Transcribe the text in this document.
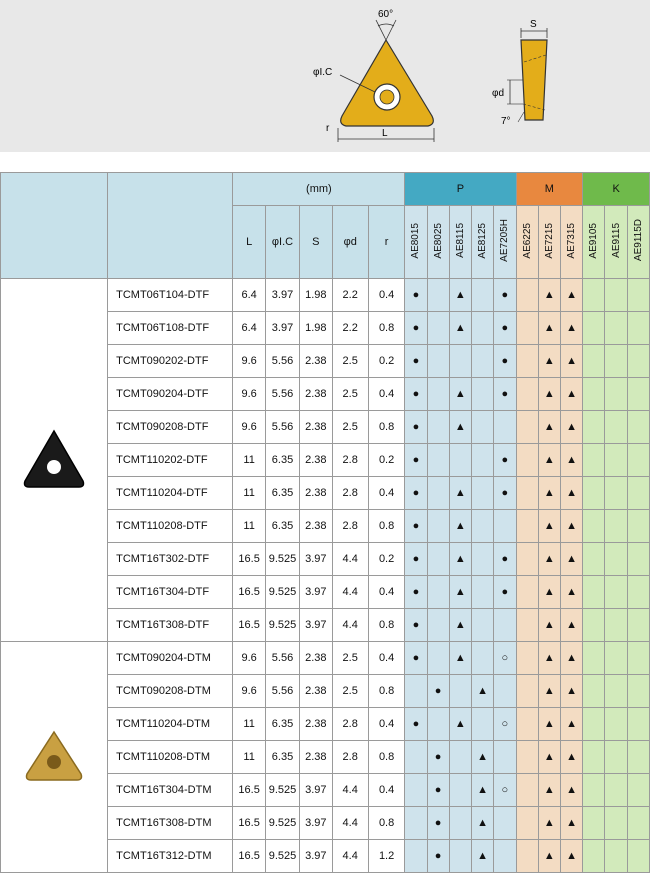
60°
φI.C
L
r
S
φd
7°
		(mm)					P					M			K		
		L	φI.C	S	φd	r	AE8015	AE8025	AE8115	AE8125	AE7205H	AE6225	AE7215	AE7315	AE9105	AE9115	AE9115D

	TCMT06T104-DTF	6.4	3.97	1.98	2.2	0.4	●		▲		●		▲	▲			
	TCMT06T108-DTF	6.4	3.97	1.98	2.2	0.8	●		▲		●		▲	▲			
	TCMT090202-DTF	9.6	5.56	2.38	2.5	0.2	●				●		▲	▲			
	TCMT090204-DTF	9.6	5.56	2.38	2.5	0.4	●		▲		●		▲	▲			
	TCMT090208-DTF	9.6	5.56	2.38	2.5	0.8	●		▲				▲	▲			
	TCMT110202-DTF	11	6.35	2.38	2.8	0.2	●				●		▲	▲			
	TCMT110204-DTF	11	6.35	2.38	2.8	0.4	●		▲		●		▲	▲			
	TCMT110208-DTF	11	6.35	2.38	2.8	0.8	●		▲				▲	▲			
	TCMT16T302-DTF	16.5	9.525	3.97	4.4	0.2	●		▲		●		▲	▲			
	TCMT16T304-DTF	16.5	9.525	3.97	4.4	0.4	●		▲		●		▲	▲			
	TCMT16T308-DTF	16.5	9.525	3.97	4.4	0.8	●		▲				▲	▲			
	TCMT090204-DTM	9.6	5.56	2.38	2.5	0.4	●		▲		○		▲	▲			
	TCMT090208-DTM	9.6	5.56	2.38	2.5	0.8		●		▲			▲	▲			
	TCMT110204-DTM	11	6.35	2.38	2.8	0.4	●		▲		○		▲	▲			
	TCMT110208-DTM	11	6.35	2.38	2.8	0.8		●		▲			▲	▲			
	TCMT16T304-DTM	16.5	9.525	3.97	4.4	0.4		●		▲	○		▲	▲			
	TCMT16T308-DTM	16.5	9.525	3.97	4.4	0.8		●		▲			▲	▲			
	TCMT16T312-DTM	16.5	9.525	3.97	4.4	1.2		●		▲			▲	▲			
